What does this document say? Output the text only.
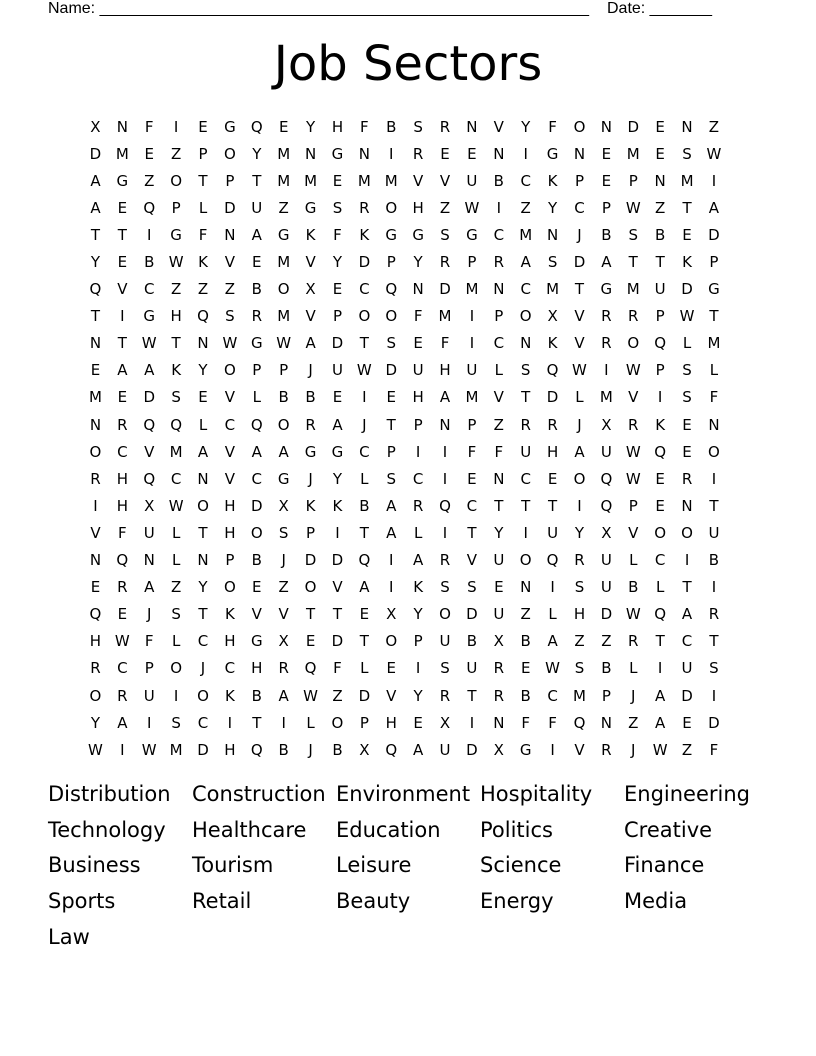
Name: _______________________________________________________ Date: _______
Job Sectors
X	N	F	I	E	G	Q	E	Y	H	F	B	S	R	N	V	Y	F	O	N	D	E	N	Z
D M	E	Z	P	O	Y	M N	G	N	I	R	E	E	N	I	G	N	E	M	E	S W
A	G	Z	O	T	P	T	M M	E	M M	V	V	U	B	C	K	P	E	P	N M	I
A	E	Q	P	L	D	U	Z	G	S	R	O	H	Z W	I	Z	Y	C	P W Z	T	A
T	T	I	G	F	N	A	G	K	F	K	G	G	S	G	C	M N	J	B	S	B	E	D
Y	E	B W K	V	E	M	V	Y	D	P	Y	R	P	R	A	S	D	A	T	T	K	P
Q	V	C	Z	Z	Z	B	O	X	E	C	Q	N	D M N	C	M	T	G M U	D	G
T	I	G	H	Q	S	R	M	V	P	O	O	F	M	I	P	O	X	V	R	R	P W T
N	T W T	N W G W A	D	T	S	E	F	I	C	N	K	V	R	O	Q	L	M
E	A	A	K	Y	O	P	P	J	U W D	U	H	U	L	S	Q W	I	W P	S	L
M	E	D	S	E	V	L	B	B	E	I	E	H	A	M	V	T	D	L	M	V	I	S	F
N	R	Q	Q	L	C	Q	O	R	A	J	T	P	N	P	Z	R	R	J	X	R	K	E	N
O	C	V	M	A	V	A	A	G	G	C	P	I	I	F	F	U	H	A	U W Q	E	O
R	H	Q	C	N	V	C	G	J	Y	L	S	C	I	E	N	C	E	O	Q W E	R	I
I	H	X W O	H	D	X	K	K	B	A	R	Q	C	T	T	T	I	Q	P	E	N	T
V	F	U	L	T	H	O	S	P	I	T	A	L	I	T	Y	I	U	Y	X	V	O	O	U
N	Q	N	L	N	P	B	J	D	D	Q	I	A	R	V	U	O	Q	R	U	L	C	I	B
E	R	A	Z	Y	O	E	Z	O	V	A	I	K	S	S	E	N	I	S	U	B	L	T	I
Q	E	J	S	T	K	V	V	T	T	E	X	Y	O	D	U	Z	L	H	D W Q	A	R
H W	F	L	C	H	G	X	E	D	T	O	P	U	B	X	B	A	Z	Z	R	T	C	T
R	C	P	O	J	C	H	R	Q	F	L	E	I	S	U	R	E W S	B	L	I	U	S
O	R	U	I	O	K	B	A W Z	D	V	Y	R	T	R	B	C	M	P	J	A	D	I
Y	A	I	S	C	I	T	I	L	O	P	H	E	X	I	N	F	F	Q	N	Z	A	E	D
W	I	W M D	H	Q	B	J	B	X	Q	A	U	D	X	G	I	V	R	J	W Z	F
Distribution	Construction Environment Hospitality	Engineering
Technology	Healthcare	Education	Politics	Creative
Business	Tourism	Leisure	Science	Finance
Sports	Retail	Beauty	Energy	Media
Law
